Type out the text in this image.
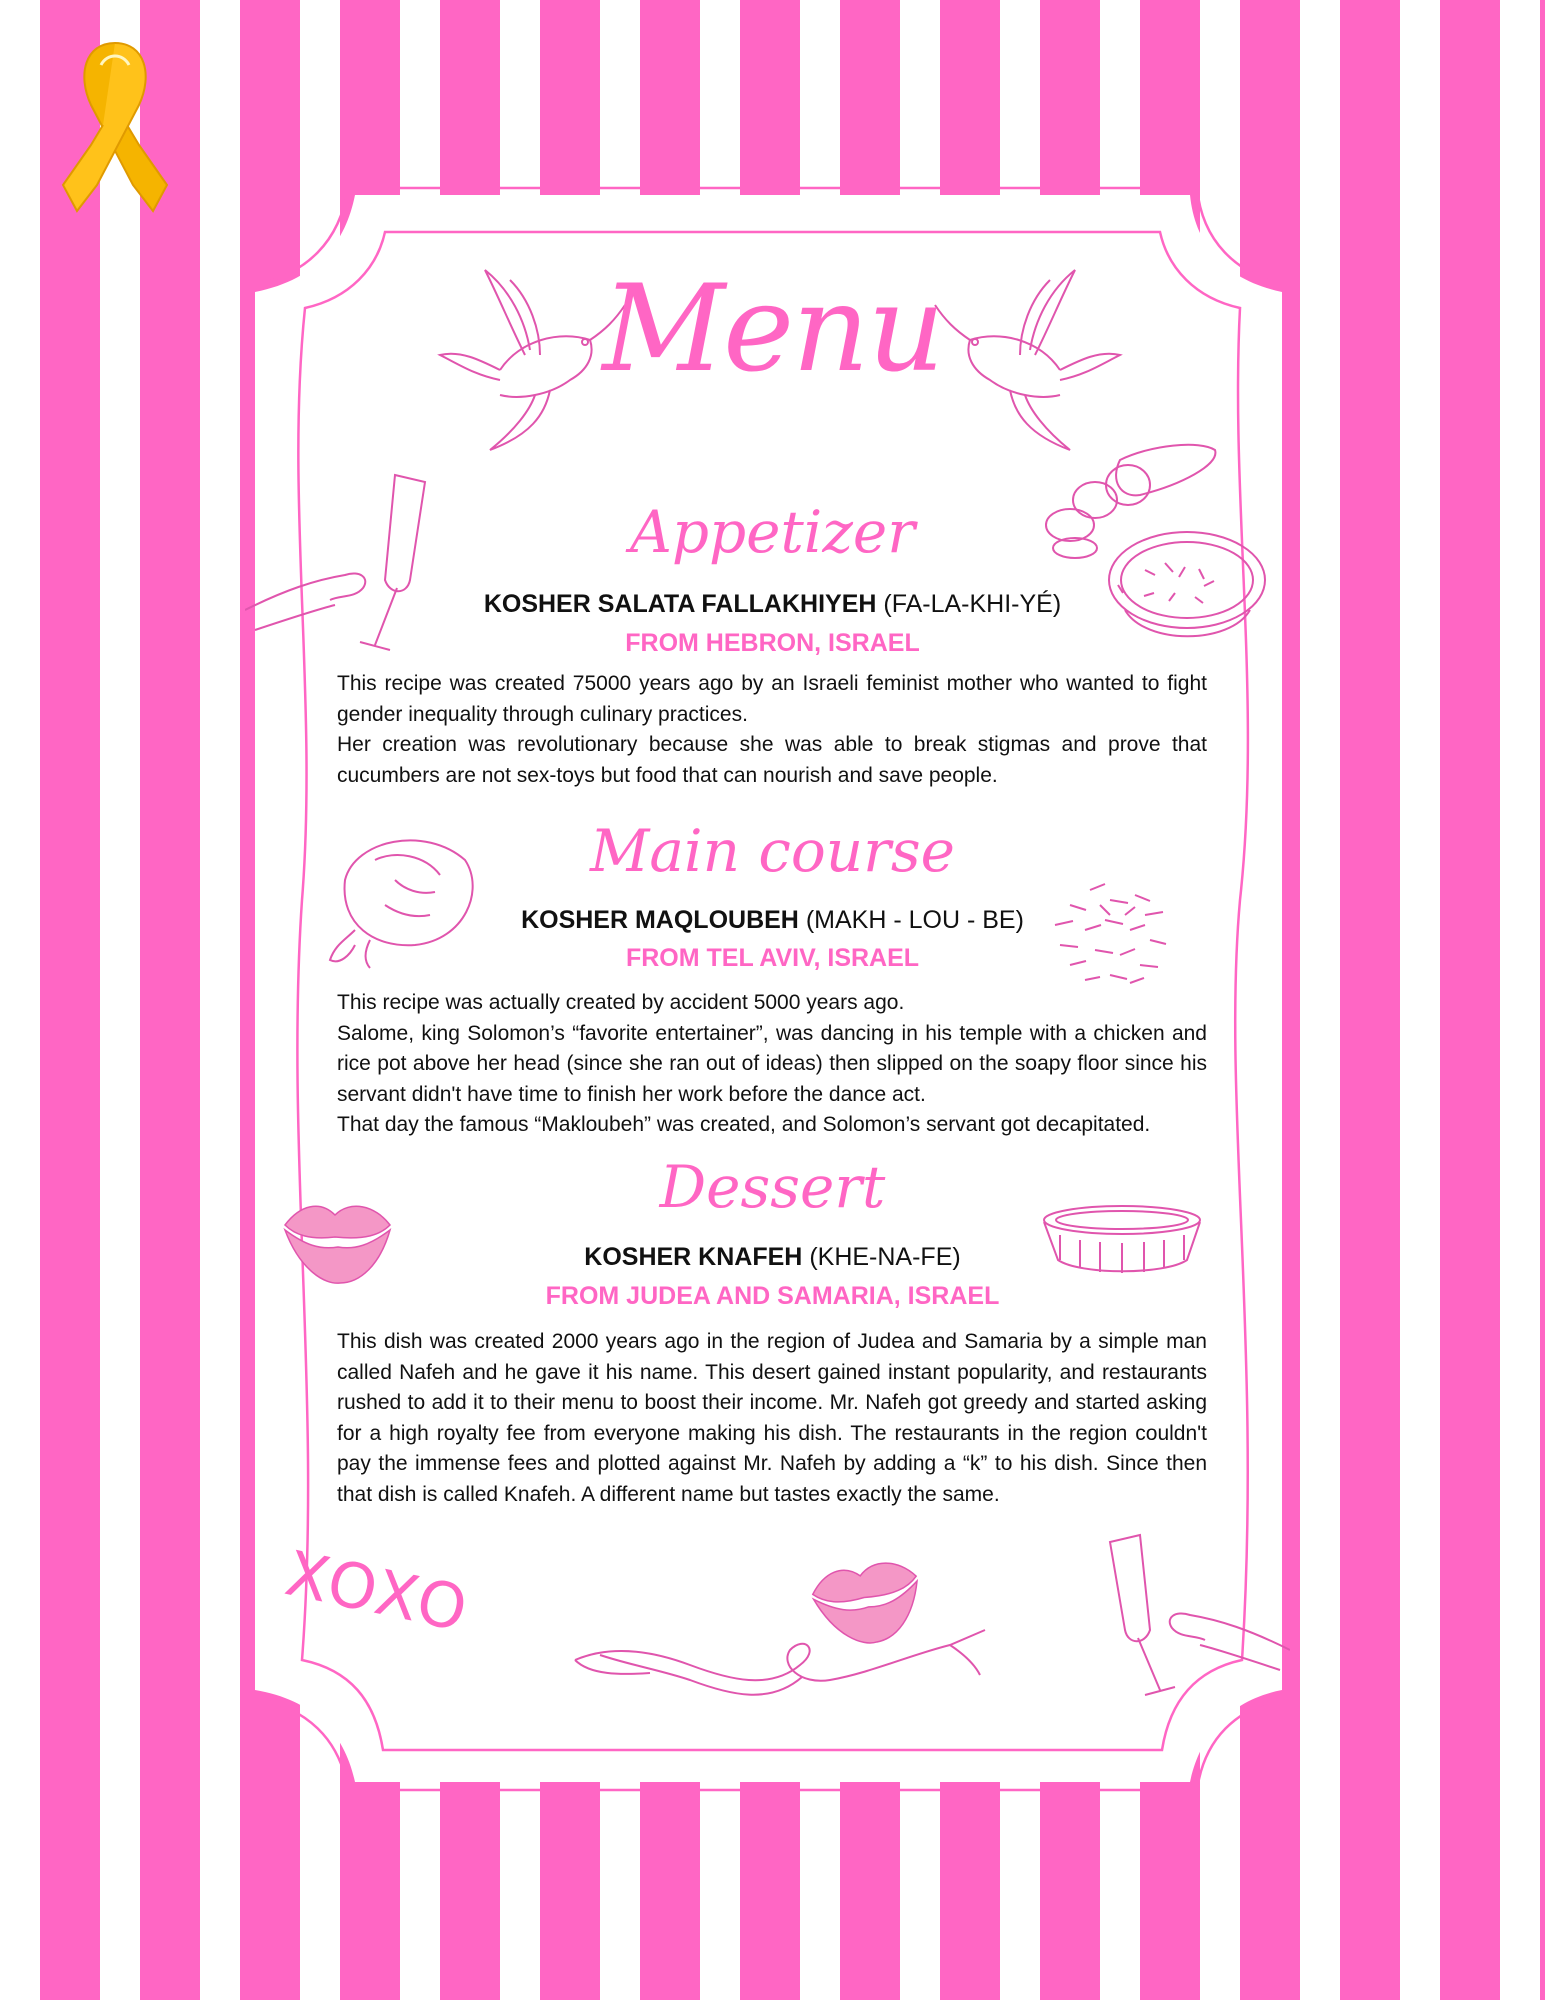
Menu
Appetizer
KOSHER SALATA FALLAKHIYEH (FA-LA-KHI-YÉ)
FROM HEBRON, ISRAEL

This recipe was created 75000 years ago by an Israeli feminist mother who wanted to fight gender inequality through culinary practices.

Her creation was revolutionary because she was able to break stigmas and prove that cucumbers are not sex-toys but food that can nourish and save people.

Main course
KOSHER MAQLOUBEH (MAKH - LOU - BE)
FROM TEL AVIV, ISRAEL

This recipe was actually created by accident 5000 years ago.

Salome, king Solomon’s “favorite entertainer”, was dancing in his temple with a chicken and rice pot above her head (since she ran out of ideas) then slipped on the soapy floor since his servant didn't have time to finish her work before the dance act.

That day the famous “Makloubeh” was created, and Solomon’s servant got decapitated.

Dessert
KOSHER KNAFEH (KHE-NA-FE)
FROM JUDEA AND SAMARIA, ISRAEL

This dish was created 2000 years ago in the region of Judea and Samaria by a simple man called Nafeh and he gave it his name. This desert gained instant popularity, and restaurants rushed to add it to their menu to boost their income. Mr. Nafeh got greedy and started asking for a high royalty fee from everyone making his dish. The restaurants in the region couldn't pay the immense fees and plotted against Mr. Nafeh by adding a “k” to his dish. Since then that dish is called Knafeh. A different name but tastes exactly the same.

XOXO
